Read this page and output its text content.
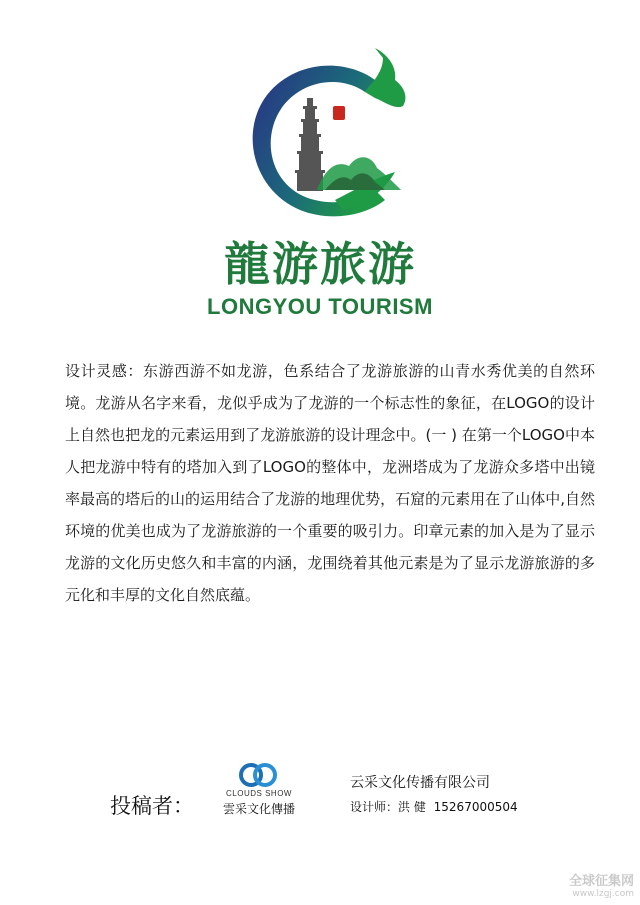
龍游旅游
LONGYOU TOURISM

设计灵感：东游西游不如龙游，色系结合了龙游旅游的山青水秀优美的自然环境。龙游从名字来看，龙似乎成为了龙游的一个标志性的象征，在LOGO的设计上自然也把龙的元素运用到了龙游旅游的设计理念中。(一 ) 在第一个LOGO中本人把龙游中特有的塔加入到了LOGO的整体中，龙洲塔成为了龙游众多塔中出镜率最高的塔后的山的运用结合了龙游的地理优势，石窟的元素用在了山体中,自然环境的优美也成为了龙游旅游的一个重要的吸引力。印章元素的加入是为了显示龙游的文化历史悠久和丰富的内涵，龙围绕着其他元素是为了显示龙游旅游的多元化和丰厚的文化自然底蕴。

投稿者：
CLOUDS SHOW
雲采文化傳播
云采文化传播有限公司
设计师：洪 健 15267000504
全球征集网
www.lzgj.com
